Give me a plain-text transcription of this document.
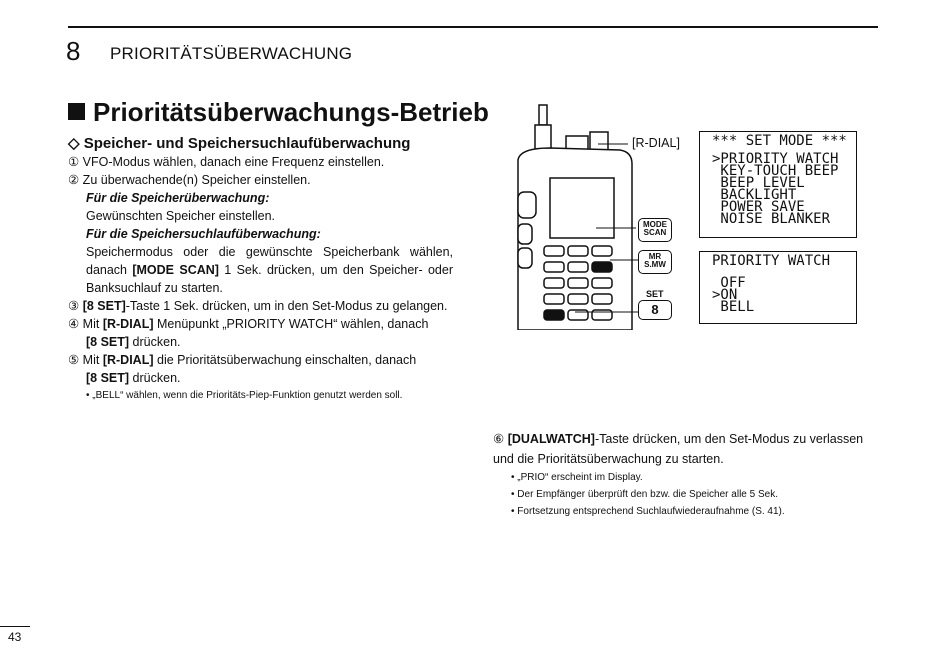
8 PRIORITÄTSÜBERWACHUNG
Prioritätsüberwachungs-Betrieb
◇ Speicher- und Speichersuchlaufüberwachung

① VFO-Modus wählen, danach eine Frequenz einstellen.

② Zu überwachende(n) Speicher einstellen.

Für die Speicherüberwachung:

Gewünschten Speicher einstellen.

Für die Speichersuchlaufüberwachung:

Speichermodus oder die gewünschte Speicherbank wählen, danach [MODE SCAN] 1 Sek. drücken, um den Speicher- oder Banksuchlauf zu starten.

③ [8 SET]-Taste 1 Sek. drücken, um in den Set-Modus zu gelangen.

④ Mit [R-DIAL] Menüpunkt „PRIORITY WATCH“ wählen, danach

[8 SET] drücken.

⑤ Mit [R-DIAL] die Prioritätsüberwachung einschalten, danach

[8 SET] drücken.

• „BELL“ wählen, wenn die Prioritäts-Piep-Funktion genutzt werden soll.

[R-DIAL]
MODE
SCAN
MR
S.MW
SET
8
*** SET MODE ***
>PRIORITY WATCH
KEY-TOUCH BEEP
BEEP LEVEL
BACKLIGHT
POWER SAVE
NOISE BLANKER
PRIORITY WATCH
OFF
>ON
BELL

⑥ [DUALWATCH]-Taste drücken, um den Set-Modus zu verlassen und die Prioritätsüberwachung zu starten.

• „PRIO“ erscheint im Display.

• Der Empfänger überprüft den bzw. die Speicher alle 5 Sek.

• Fortsetzung entsprechend Suchlaufwiederaufnahme (S. 41).

43
